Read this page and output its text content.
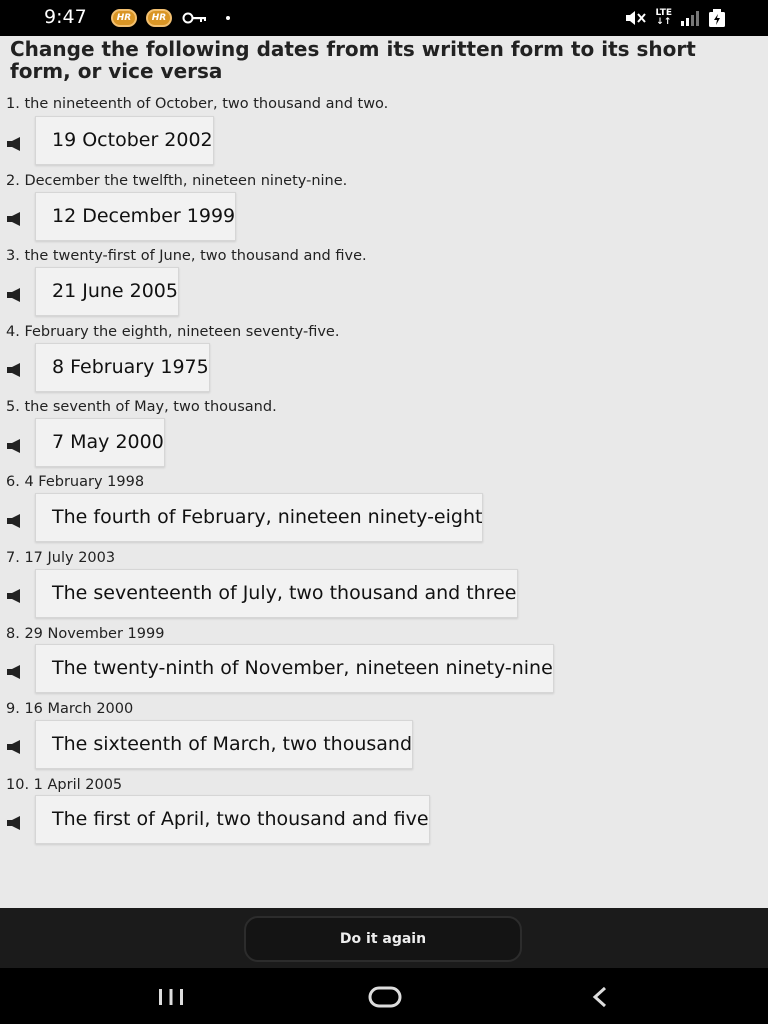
9:47	HR	HR	LTE
↓↑
Change the following dates from its written form to its short form, or vice versa
1. the nineteenth of October, two thousand and two.
19 October 2002
2. December the twelfth, nineteen ninety-nine.
12 December 1999
3. the twenty-first of June, two thousand and five.
21 June 2005
4. February the eighth, nineteen seventy-five.
8 February 1975
5. the seventh of May, two thousand.
7 May 2000
6. 4 February 1998
The fourth of February, nineteen ninety-eight
7. 17 July 2003
The seventeenth of July, two thousand and three
8. 29 November 1999
The twenty-ninth of November, nineteen ninety-nine
9. 16 March 2000
The sixteenth of March, two thousand
10. 1 April 2005
The first of April, two thousand and five
Do it again
